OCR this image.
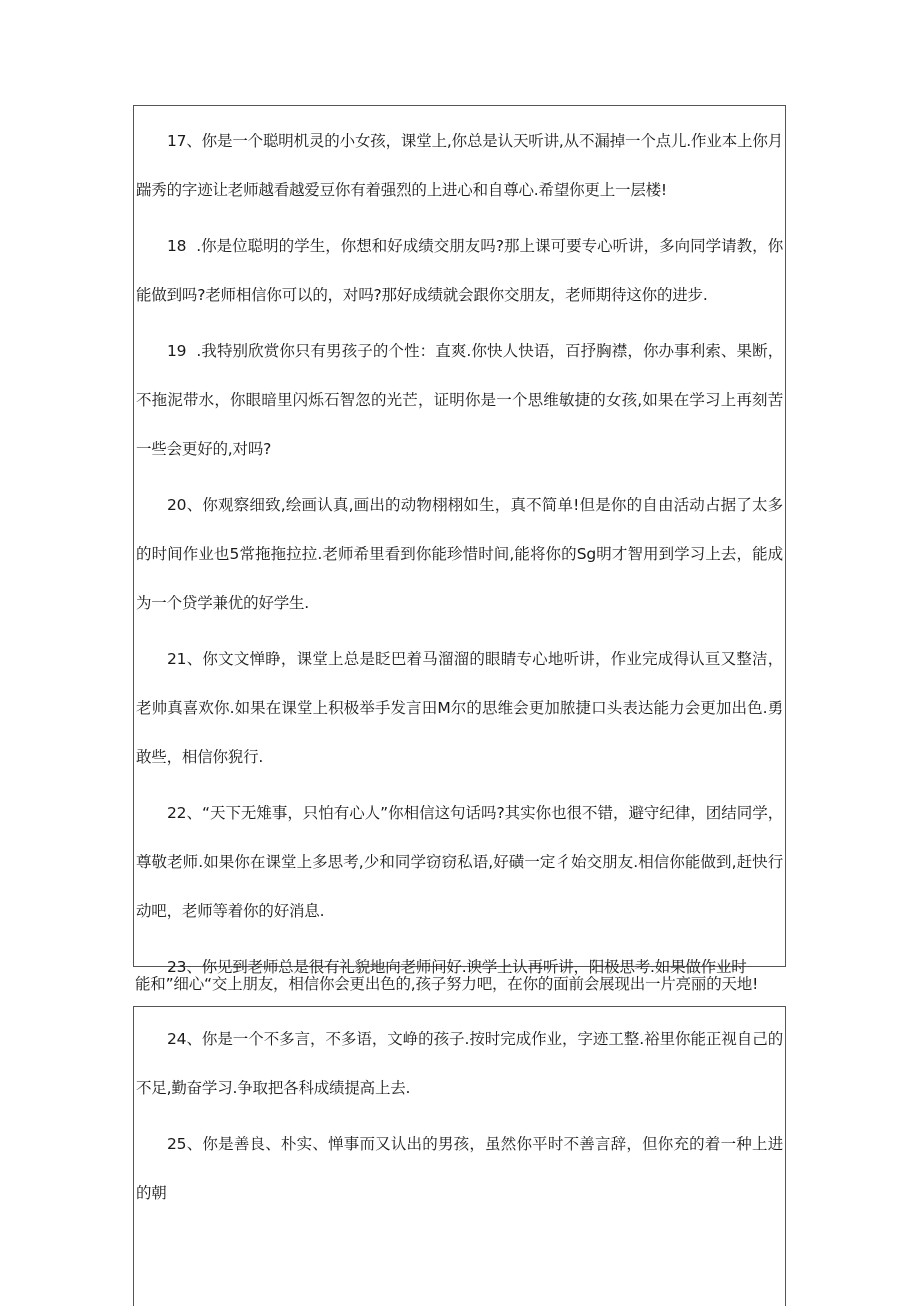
17、你是一个聪明机灵的小女孩，课堂上,你总是认天听讲,从不漏掉一个点儿.作业本上你月踹秀的字迹让老师越看越爱豆你有着强烈的上进心和自尊心.希望你更上一层楼!

18  .你是位聪明的学生，你想和好成绩交朋友吗?那上课可要专心听讲，多向同学请教，你能做到吗?老师相信你可以的，对吗?那好成绩就会跟你交朋友，老师期待这你的进步.

19  .我特别欣赏你只有男孩子的个性：直爽.你快人快语，百抒胸襟，你办事利索、果断，不拖泥带水，你眼暗里闪烁石智忽的光芒，证明你是一个思维敏捷的女孩,如果在学习上再刻苦一些会更好的,对吗?

20、你观察细致,绘画认真,画出的动物栩栩如生，真不简单!但是你的自由活动占据了太多的时间作业也5常拖拖拉拉.老师希里看到你能珍惜时间,能将你的Sg明才智用到学习上去，能成为一个贷学兼优的好学生.

21、你文文惮睁，课堂上总是眨巴着马溜溜的眼睛专心地听讲，作业完成得认亘又整洁，老帅真喜欢你.如果在课堂上积极举手发言田M尔的思维会更加脓捷口头表达能力会更加出色.勇敢些，相信你猊行.

22、“天下无雉事，只怕有心人”你相信这句话吗?其实你也很不错，避守纪律，团结同学，尊敬老师.如果你在课堂上多思考,少和同学窃窃私语,好磺一定彳始交朋友.相信你能做到,赶快行动吧，老师等着你的好消息.

23、你见到老师总是很有礼貌地向老师问好.谀学上认再听讲，阳极思考.如果做作业时

能和”细心“交上朋友，相信你会更出色的,孩子努力吧，在你的面前会展现出一片亮丽的天地!

24、你是一个不多言，不多语，文峥的孩子.按时完成作业，字迹工整.裕里你能正视自己的不足,勤奋学习.争取把各科成绩提高上去.

25、你是善良、朴实、惮事而又认出的男孩，虽然你平时不善言辞，但你充的着一种上进的朝
